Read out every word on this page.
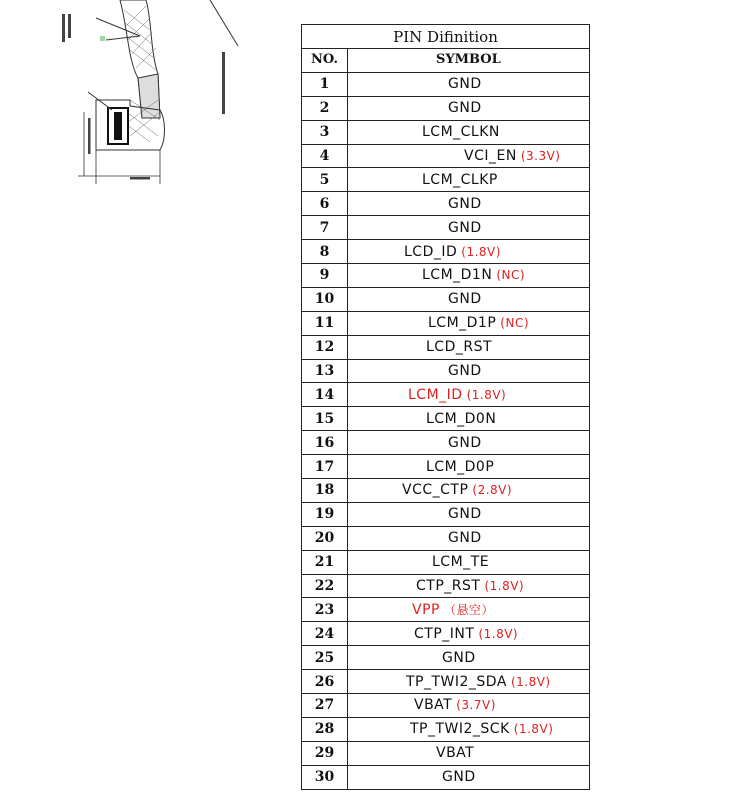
PIN Difinition	
NO.	SYMBOL
1	GND
2	GND
3	LCM_CLKN
4	VCI_EN (3.3V)
5	LCM_CLKP
6	GND
7	GND
8	LCD_ID (1.8V)
9	LCM_D1N (NC)
10	GND
11	LCM_D1P (NC)
12	LCD_RST
13	GND
14	LCM_ID (1.8V)
15	LCM_D0N
16	GND
17	LCM_D0P
18	VCC_CTP (2.8V)
19	GND
20	GND
21	LCM_TE
22	CTP_RST (1.8V)
23	VPP （悬空）
24	CTP_INT (1.8V)
25	GND
26	TP_TWI2_SDA (1.8V)
27	VBAT (3.7V)
28	TP_TWI2_SCK (1.8V)
29	VBAT
30	GND
